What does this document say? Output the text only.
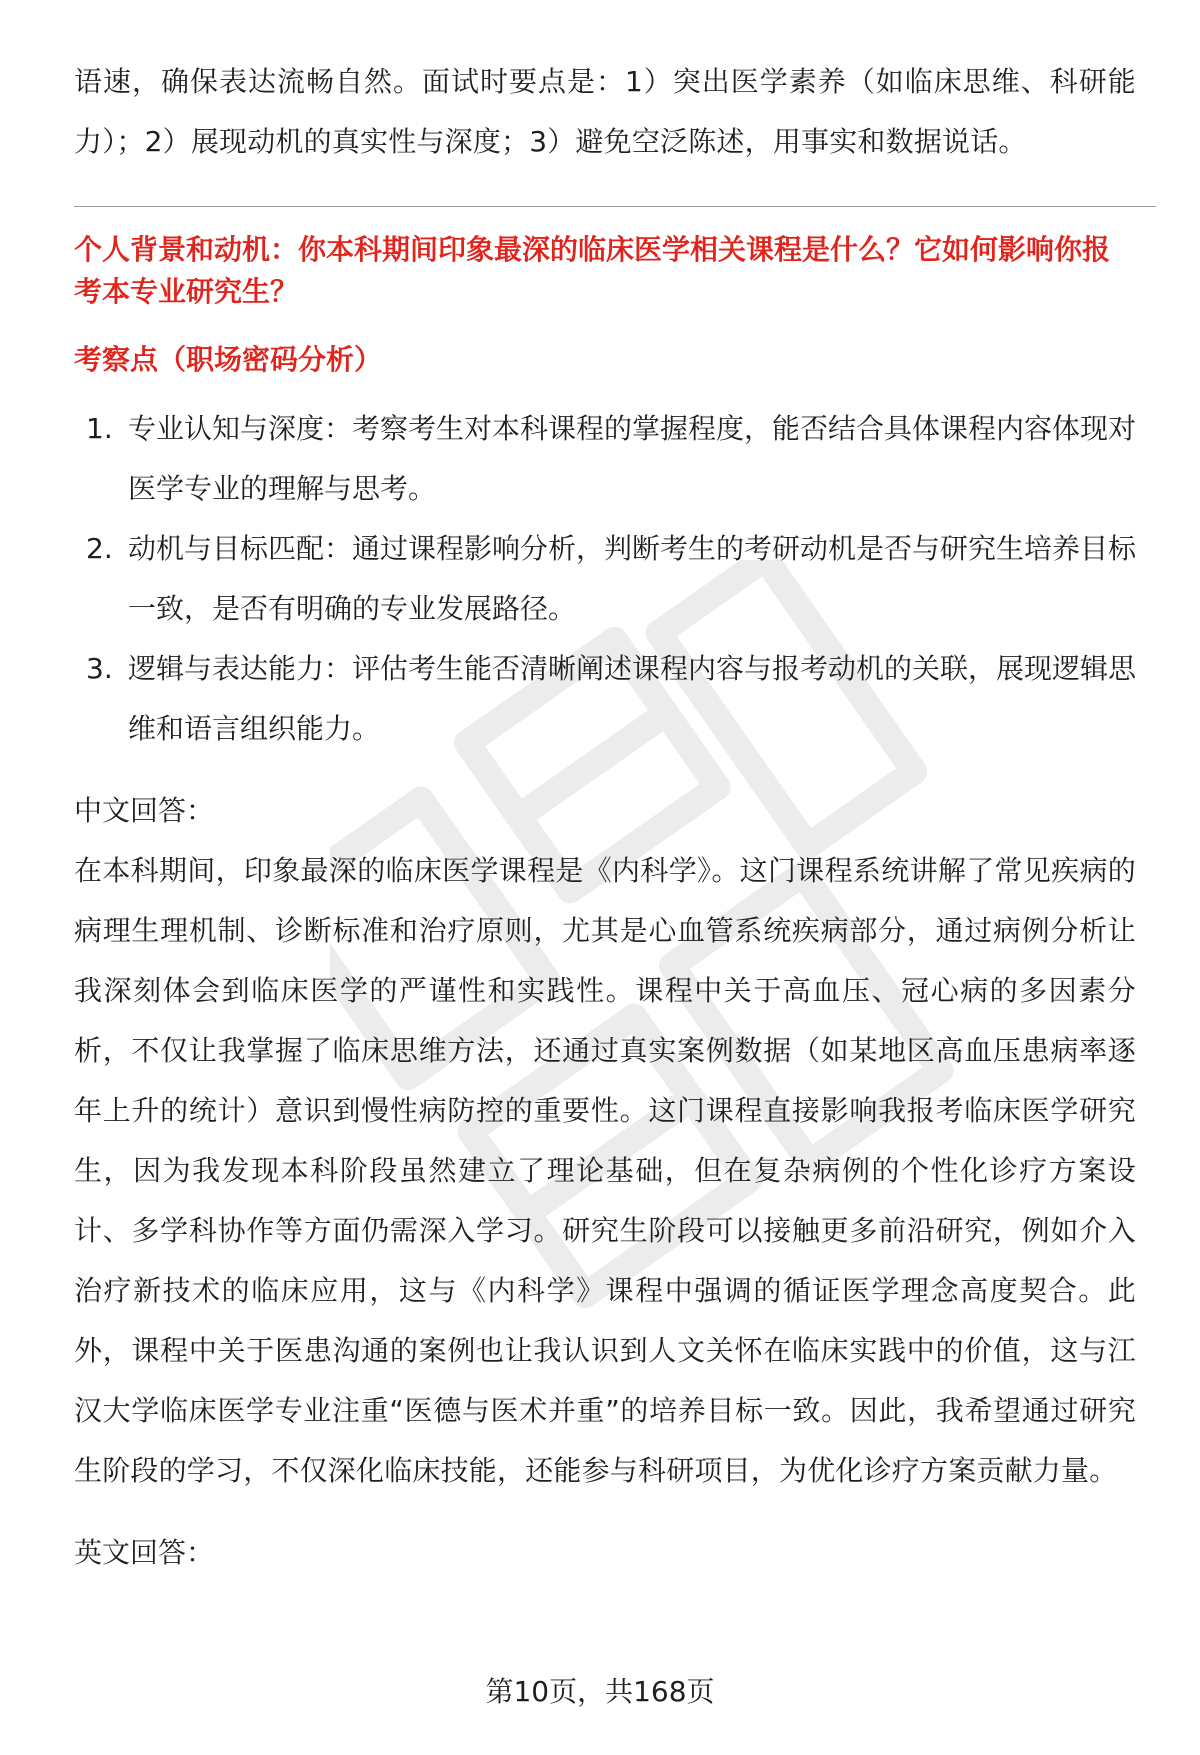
语速，确保表达流畅自然。面试时要点是：1）突出医学素养（如临床思维、科研能力）；2）展现动机的真实性与深度；3）避免空泛陈述，用事实和数据说话。

个人背景和动机：你本科期间印象最深的临床医学相关课程是什么？它如何影响你报考本专业研究生？

考察点（职场密码分析）

1. 专业认知与深度：考察考生对本科课程的掌握程度，能否结合具体课程内容体现对医学专业的理解与思考。
2. 动机与目标匹配：通过课程影响分析，判断考生的考研动机是否与研究生培养目标一致，是否有明确的专业发展路径。
3. 逻辑与表达能力：评估考生能否清晰阐述课程内容与报考动机的关联，展现逻辑思维和语言组织能力。

中文回答：

在本科期间，印象最深的临床医学课程是《内科学》。这门课程系统讲解了常见疾病的病理生理机制、诊断标准和治疗原则，尤其是心血管系统疾病部分，通过病例分析让我深刻体会到临床医学的严谨性和实践性。课程中关于高血压、冠心病的多因素分析，不仅让我掌握了临床思维方法，还通过真实案例数据（如某地区高血压患病率逐年上升的统计）意识到慢性病防控的重要性。这门课程直接影响我报考临床医学研究生，因为我发现本科阶段虽然建立了理论基础，但在复杂病例的个性化诊疗方案设计、多学科协作等方面仍需深入学习。研究生阶段可以接触更多前沿研究，例如介入治疗新技术的临床应用，这与《内科学》课程中强调的循证医学理念高度契合。此外，课程中关于医患沟通的案例也让我认识到人文关怀在临床实践中的价值，这与江汉大学临床医学专业注重“医德与医术并重”的培养目标一致。因此，我希望通过研究生阶段的学习，不仅深化临床技能，还能参与科研项目，为优化诊疗方案贡献力量。

英文回答：

第10页，共168页
